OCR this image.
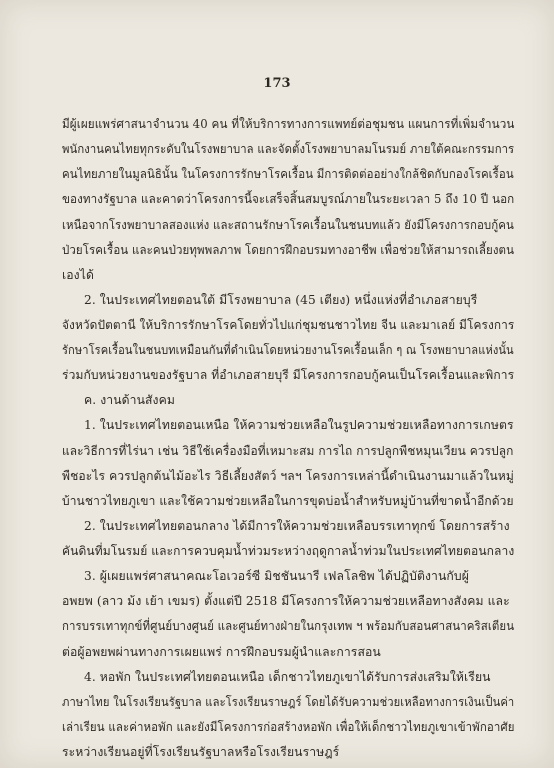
173
มีผู้เผยแพร่ศาสนาจำนวน 40 คน ที่ให้บริการทางการแพทย์ต่อชุมชน แผนการที่เพิ่มจำนวน
พนักงานคนไทยทุกระดับในโรงพยาบาล และจัดตั้งโรงพยาบาลมโนรมย์ ภายใต้คณะกรรมการ
คนไทยภายในมูลนิธินั้น ในโครงการรักษาโรคเรื้อน มีการติดต่ออย่างใกล้ชิดกับกองโรคเรื้อน
ของทางรัฐบาล และคาดว่าโครงการนี้จะเสร็จสิ้นสมบูรณ์ภายในระยะเวลา 5 ถึง 10 ปี นอก
เหนือจากโรงพยาบาลสองแห่ง และสถานรักษาโรคเรื้อนในชนบทแล้ว ยังมีโครงการกอบกู้คน
ป่วยโรคเรื้อน และคนป่วยทุพพลภาพ โดยการฝึกอบรมทางอาชีพ เพื่อช่วยให้สามารถเลี้ยงตน
เองได้
2. ในประเทศไทยตอนใต้ มีโรงพยาบาล (45 เตียง) หนึ่งแห่งที่อำเภอสายบุรี
จังหวัดปัตตานี ให้บริการรักษาโรคโดยทั่วไปแก่ชุมชนชาวไทย จีน และมาเลย์ มีโครงการ
รักษาโรคเรื้อนในชนบทเหมือนกันที่ดำเนินโดยหน่วยงานโรคเรื้อนเล็ก ๆ ณ โรงพยาบาลแห่งนั้น
ร่วมกับหน่วยงานของรัฐบาล ที่อำเภอสายบุรี มีโครงการกอบกู้คนเป็นโรคเรื้อนและพิการ
ค. งานด้านสังคม
1. ในประเทศไทยตอนเหนือ ให้ความช่วยเหลือในรูปความช่วยเหลือทางการเกษตร
และวิธีการที่ไร่นา เช่น วิธีใช้เครื่องมือที่เหมาะสม การไถ การปลูกพืชหมุนเวียน ควรปลูก
พืชอะไร ควรปลูกต้นไม้อะไร วิธีเลี้ยงสัตว์ ฯลฯ โครงการเหล่านี้ดำเนินงานมาแล้วในหมู่
บ้านชาวไทยภูเขา และใช้ความช่วยเหลือในการขุดบ่อน้ำสำหรับหมู่บ้านที่ขาดน้ำอีกด้วย
2. ในประเทศไทยตอนกลาง ได้มีการให้ความช่วยเหลือบรรเทาทุกข์ โดยการสร้าง
คันดินที่มโนรมย์ และการควบคุมน้ำท่วมระหว่างฤดูกาลน้ำท่วมในประเทศไทยตอนกลาง
3. ผู้เผยแพร่ศาสนาคณะโอเวอร์ซี มิชชันนารี เฟลโลชิพ ได้ปฏิบัติงานกับผู้
อพยพ (ลาว ม้ง เย้า เขมร) ตั้งแต่ปี 2518 มีโครงการให้ความช่วยเหลือทางสังคม และ
การบรรเทาทุกข์ที่ศูนย์บางศูนย์ และศูนย์ทางฝ่ายในกรุงเทพ ฯ พร้อมกับสอนศาสนาคริสเตียน
ต่อผู้อพยพผ่านทางการเผยแพร่ การฝึกอบรมผู้นำและการสอน
4. หอพัก ในประเทศไทยตอนเหนือ เด็กชาวไทยภูเขาได้รับการส่งเสริมให้เรียน
ภาษาไทย ในโรงเรียนรัฐบาล และโรงเรียนราษฎร์ โดยได้รับความช่วยเหลือทางการเงินเป็นค่า
เล่าเรียน และค่าหอพัก และยังมีโครงการก่อสร้างหอพัก เพื่อให้เด็กชาวไทยภูเขาเข้าพักอาศัย
ระหว่างเรียนอยู่ที่โรงเรียนรัฐบาลหรือโรงเรียนราษฎร์
